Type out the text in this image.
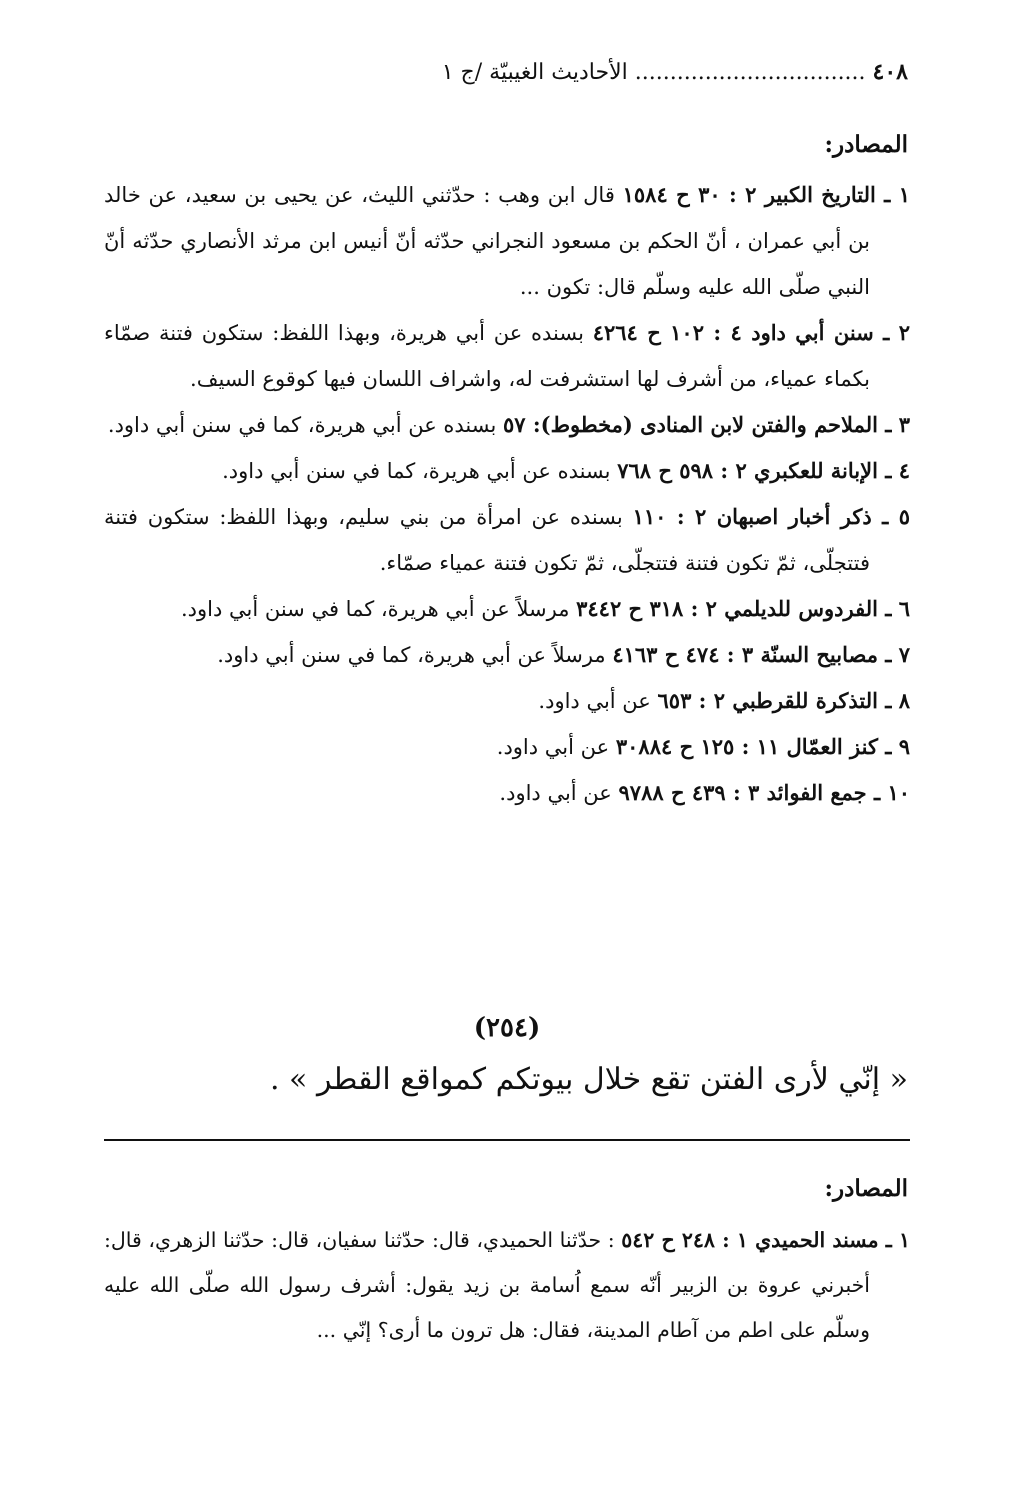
٤٠٨ ................................. الأحاديث الغيبيّة /ج ١
المصادر:
١ ـ التاريخ الكبير ٢ : ٣٠ ح ١٥٨٤ قال ابن وهب : حدّثني الليث، عن يحيى بن سعيد، عن خالد بن أبي عمران ، أنّ الحكم بن مسعود النجراني حدّثه أنّ أنيس ابن مرثد الأنصاري حدّثه أنّ النبي صلّى الله عليه وسلّم قال: تكون ...
٢ ـ سنن أبي داود ٤ : ١٠٢ ح ٤٢٦٤ بسنده عن أبي هريرة، وبهذا اللفظ: ستكون فتنة صمّاء بكماء عمياء، من أشرف لها استشرفت له، واشراف اللسان فيها كوقوع السيف.
٣ ـ الملاحم والفتن لابن المنادى (مخطوط): ٥٧ بسنده عن أبي هريرة، كما في سنن أبي داود.
٤ ـ الإبانة للعكبري ٢ : ٥٩٨ ح ٧٦٨ بسنده عن أبي هريرة، كما في سنن أبي داود.
٥ ـ ذكر أخبار اصبهان ٢ : ١١٠ بسنده عن امرأة من بني سليم، وبهذا اللفظ: ستكون فتنة فتتجلّى، ثمّ تكون فتنة فتتجلّى، ثمّ تكون فتنة عمياء صمّاء.
٦ ـ الفردوس للديلمي ٢ : ٣١٨ ح ٣٤٤٢ مرسلاً عن أبي هريرة، كما في سنن أبي داود.
٧ ـ مصابيح السنّة ٣ : ٤٧٤ ح ٤١٦٣ مرسلاً عن أبي هريرة، كما في سنن أبي داود.
٨ ـ التذكرة للقرطبي ٢ : ٦٥٣ عن أبي داود.
٩ ـ كنز العمّال ١١ : ١٢٥ ح ٣٠٨٨٤ عن أبي داود.
١٠ ـ جمع الفوائد ٣ : ٤٣٩ ح ٩٧٨٨ عن أبي داود.
(٢٥٤)
« إنّي لأرى الفتن تقع خلال بيوتكم كمواقع القطر » .
المصادر:
١ ـ مسند الحميدي ١ : ٢٤٨ ح ٥٤٢ : حدّثنا الحميدي، قال: حدّثنا سفيان، قال: حدّثنا الزهري، قال: أخبرني عروة بن الزبير أنّه سمع اُسامة بن زيد يقول: أشرف رسول الله صلّى الله عليه وسلّم على اطم من آطام المدينة، فقال: هل ترون ما أرى؟ إنّي ...
